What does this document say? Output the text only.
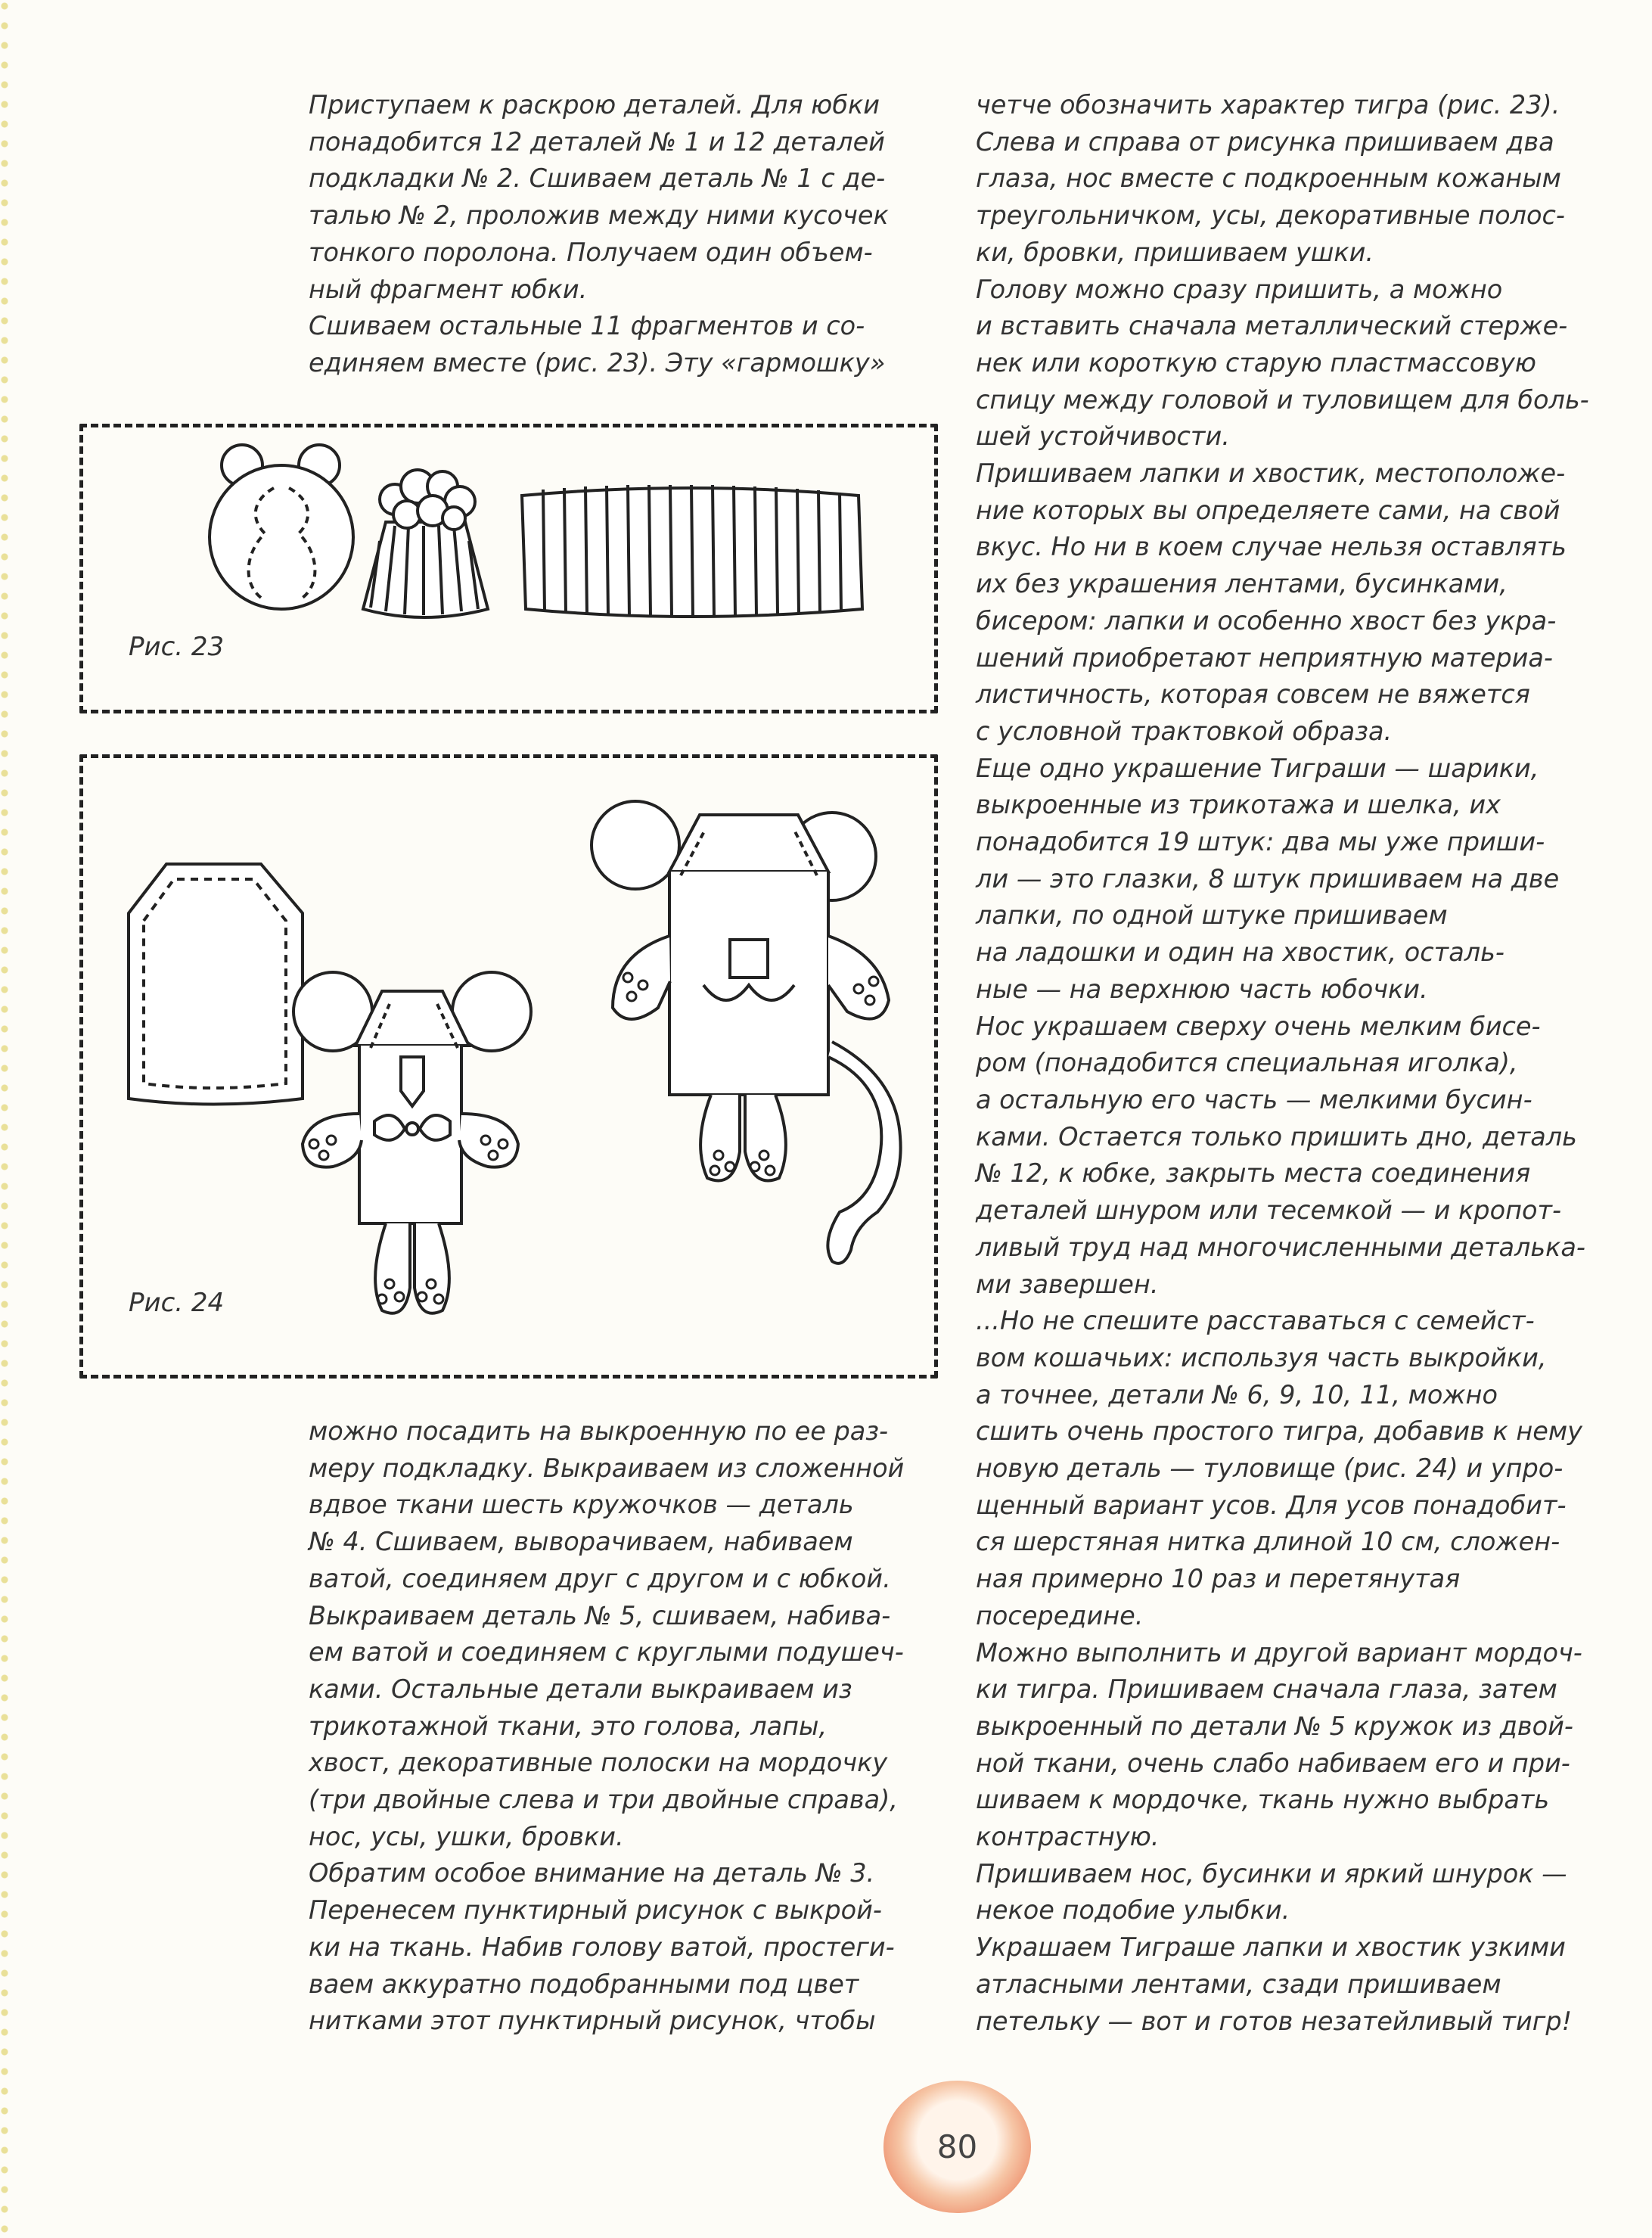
Приступаем к раскрою деталей. Для юбки
понадобится 12 деталей № 1 и 12 деталей
подкладки № 2. Сшиваем деталь № 1 с де-
талью № 2, проложив между ними кусочек
тонкого поролона. Получаем один объем-
ный фрагмент юбки.

Сшиваем остальные 11 фрагментов и со-
единяем вместе (рис. 23). Эту «гармошку»

Рис. 23
Рис. 24

можно посадить на выкроенную по ее раз-
меру подкладку. Выкраиваем из сложенной
вдвое ткани шесть кружочков — деталь
№ 4. Сшиваем, выворачиваем, набиваем
ватой, соединяем друг с другом и с юбкой.
Выкраиваем деталь № 5, сшиваем, набива-
ем ватой и соединяем с круглыми подушеч-
ками. Остальные детали выкраиваем из
трикотажной ткани, это голова, лапы,
хвост, декоративные полоски на мордочку
(три двойные слева и три двойные справа),
нос, усы, ушки, бровки.

Обратим особое внимание на деталь № 3.
Перенесем пунктирный рисунок с выкрой-
ки на ткань. Набив голову ватой, простеги-
ваем аккуратно подобранными под цвет
нитками этот пунктирный рисунок, чтобы

четче обозначить характер тигра (рис. 23).
Слева и справа от рисунка пришиваем два
глаза, нос вместе с подкроенным кожаным
треугольничком, усы, декоративные полос-
ки, бровки, пришиваем ушки.

Голову можно сразу пришить, а можно
и вставить сначала металлический стержe-
нек или короткую старую пластмассовую
спицу между головой и туловищем для боль-
шей устойчивости.

Пришиваем лапки и хвостик, местоположе-
ние которых вы определяете сами, на свой
вкус. Но ни в коем случае нельзя оставлять
их без украшения лентами, бусинками,
бисером: лапки и особенно хвост без укра-
шений приобретают неприятную материа-
листичность, которая совсем не вяжется
с условной трактовкой образа.

Еще одно украшение Тиграши — шарики,
выкроенные из трикотажа и шелка, их
понадобится 19 штук: два мы уже приши-
ли — это глазки, 8 штук пришиваем на две
лапки, по одной штуке пришиваем
на ладошки и один на хвостик, осталь-
ные — на верхнюю часть юбочки.

Нос украшаем сверху очень мелким бисе-
ром (понадобится специальная иголка),
а остальную его часть — мелкими бусин-
ками. Остается только пришить дно, деталь
№ 12, к юбке, закрыть места соединения
деталей шнуром или тесемкой — и кропот-
ливый труд над многочисленными деталька-
ми завершен.

...Но не спешите расставаться с семейст-
вом кошачьих: используя часть выкройки,
а точнее, детали № 6, 9, 10, 11, можно
сшить очень простого тигра, добавив к нему
новую деталь — туловище (рис. 24) и упро-
щенный вариант усов. Для усов понадобит-
ся шерстяная нитка длиной 10 см, сложен-
ная примерно 10 раз и перетянутая
посередине.

Можно выполнить и другой вариант мордоч-
ки тигра. Пришиваем сначала глаза, затем
выкроенный по детали № 5 кружок из двой-
ной ткани, очень слабо набиваем его и при-
шиваем к мордочке, ткань нужно выбрать
контрастную.

Пришиваем нос, бусинки и яркий шнурок —
некое подобие улыбки.

Украшаем Тиграше лапки и хвостик узкими
атласными лентами, сзади пришиваем
петельку — вот и готов незатейливый тигр!

80
